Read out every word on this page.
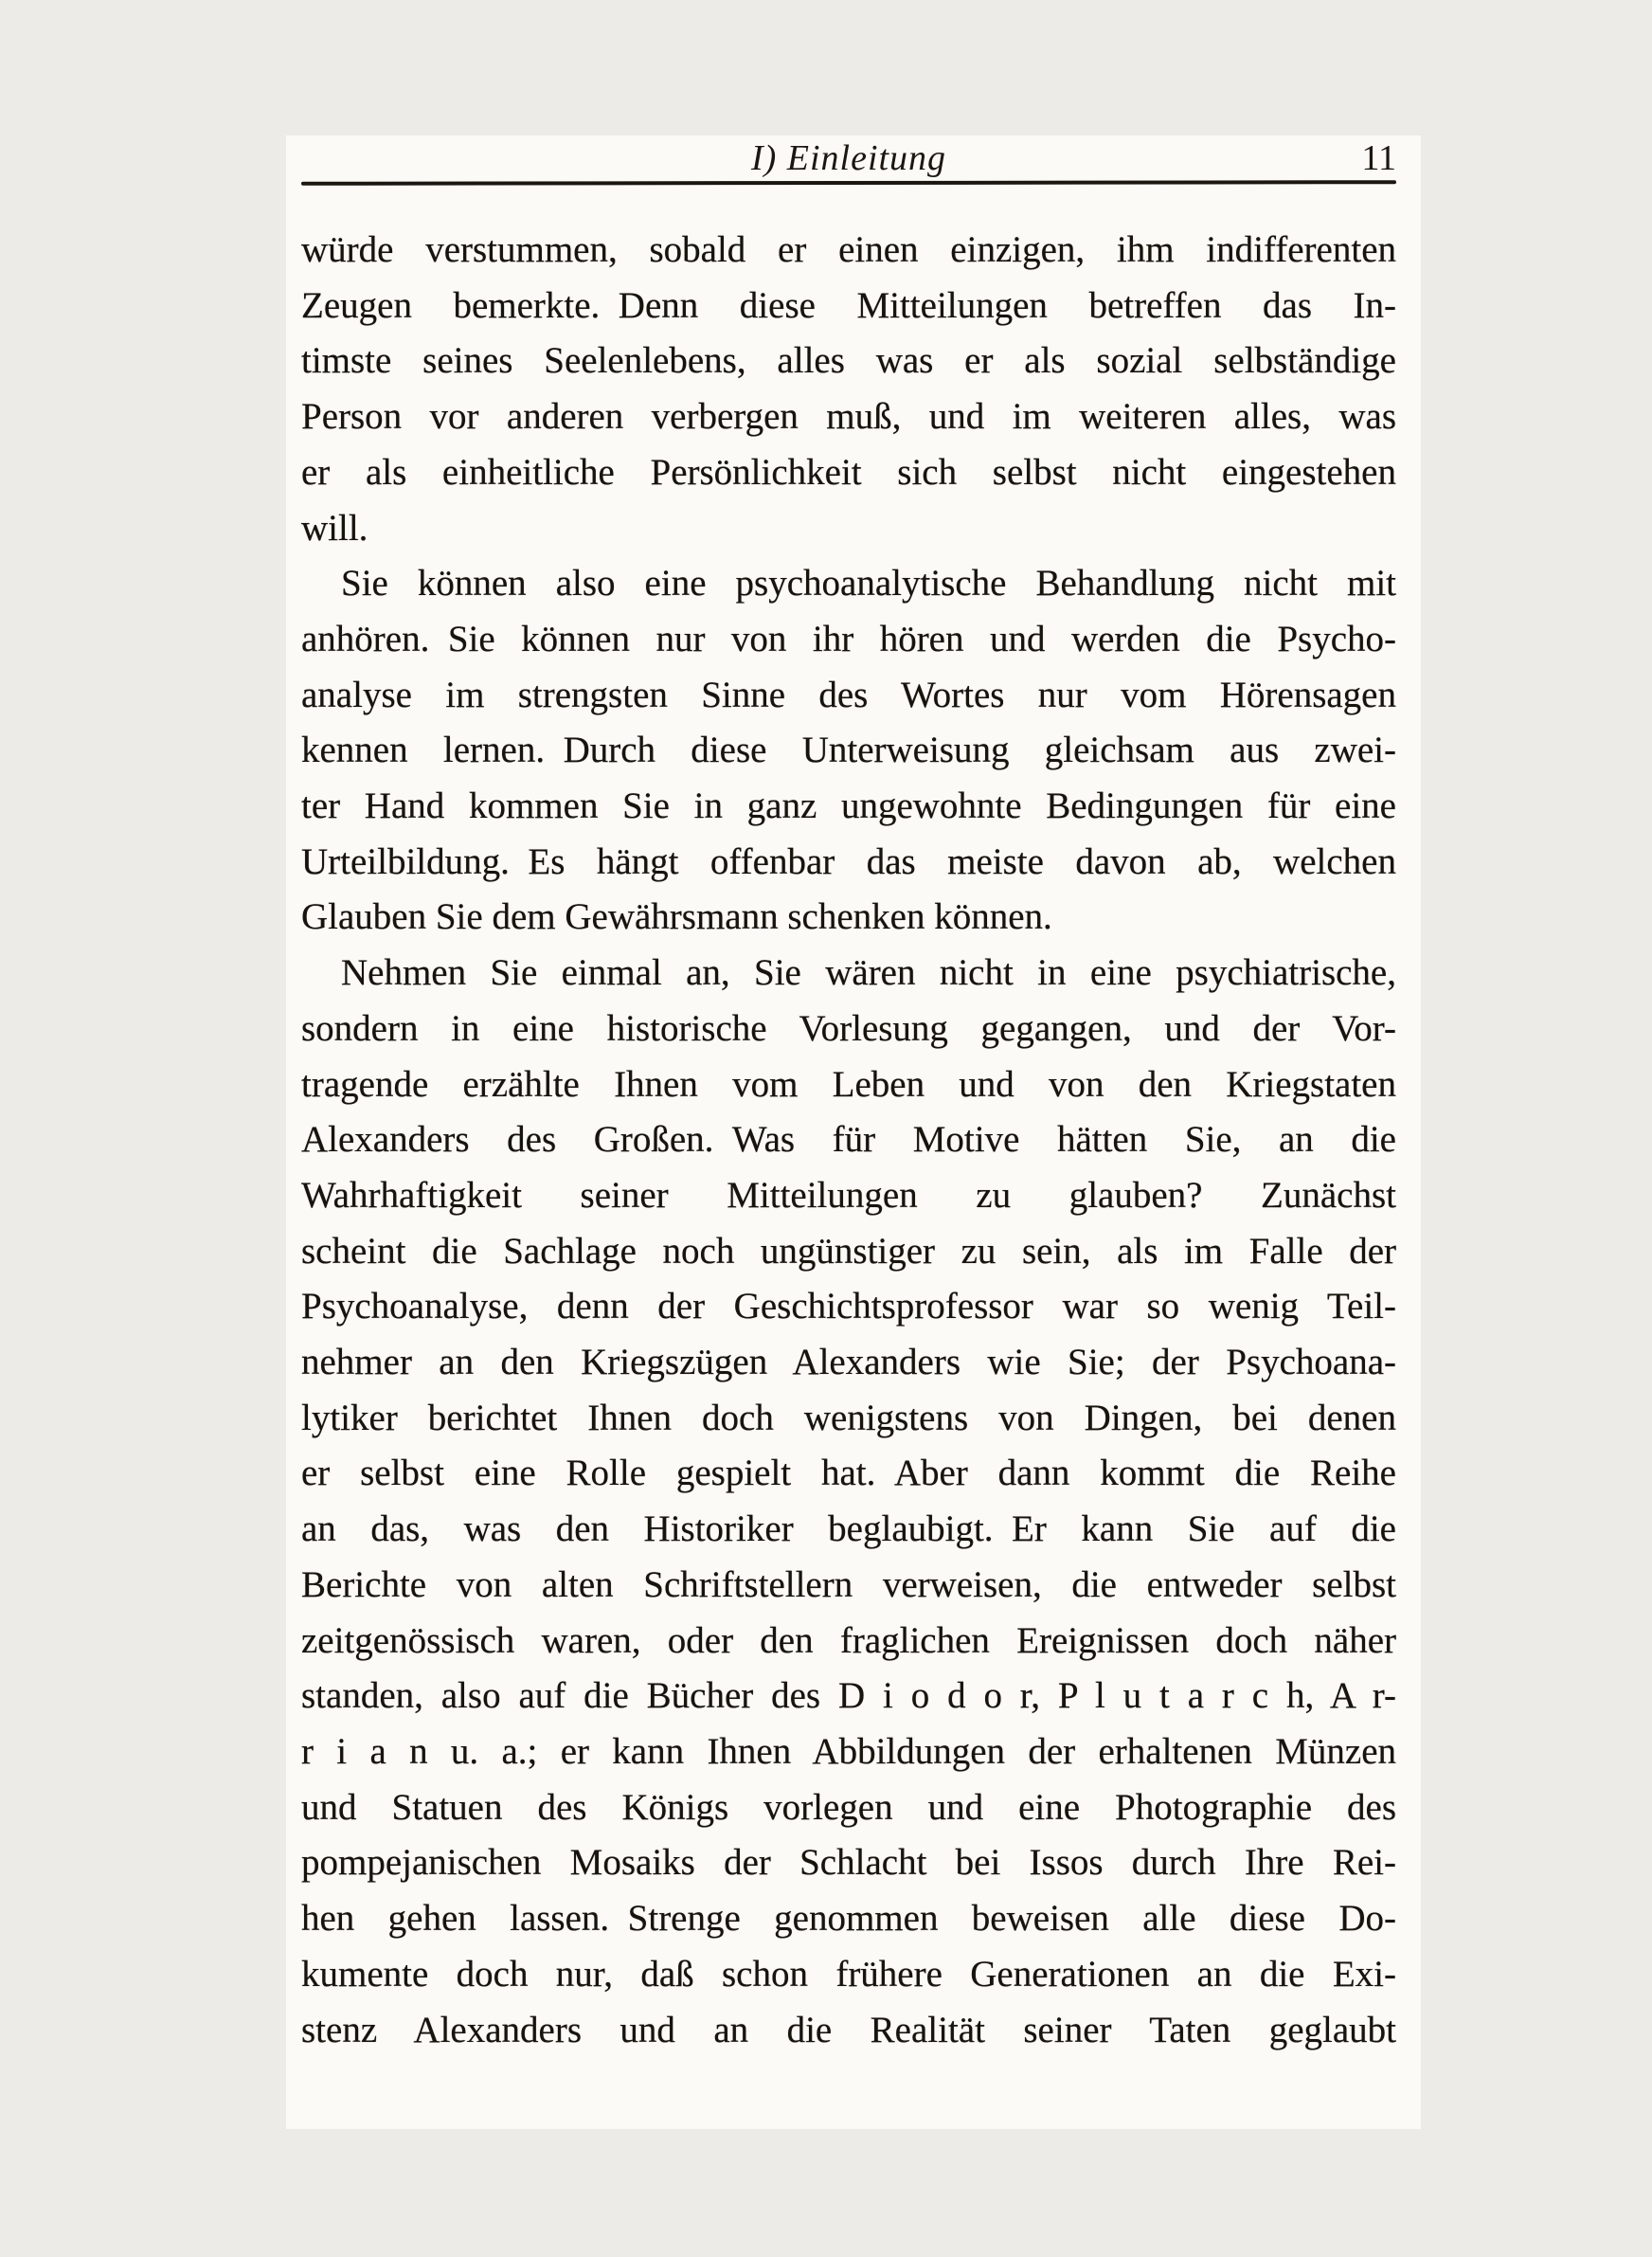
I) Einleitung	11
würde verstummen, sobald er einen einzigen, ihm indifferenten
Zeugen bemerkte. Denn diese Mitteilungen betreffen das In-
timste seines Seelenlebens, alles was er als sozial selbständige
Person vor anderen verbergen muß, und im weiteren alles, was
er als einheitliche Persönlichkeit sich selbst nicht eingestehen
will.
Sie können also eine psychoanalytische Behandlung nicht mit
anhören. Sie können nur von ihr hören und werden die Psycho-
analyse im strengsten Sinne des Wortes nur vom Hörensagen
kennen lernen. Durch diese Unterweisung gleichsam aus zwei-
ter Hand kommen Sie in ganz ungewohnte Bedingungen für eine
Urteilbildung. Es hängt offenbar das meiste davon ab, welchen
Glauben Sie dem Gewährsmann schenken können.
Nehmen Sie einmal an, Sie wären nicht in eine psychiatrische,
sondern in eine historische Vorlesung gegangen, und der Vor-
tragende erzählte Ihnen vom Leben und von den Kriegstaten
Alexanders des Großen. Was für Motive hätten Sie, an die
Wahrhaftigkeit seiner Mitteilungen zu glauben? Zunächst
scheint die Sachlage noch ungünstiger zu sein, als im Falle der
Psychoanalyse, denn der Geschichtsprofessor war so wenig Teil-
nehmer an den Kriegszügen Alexanders wie Sie; der Psychoana-
lytiker berichtet Ihnen doch wenigstens von Dingen, bei denen
er selbst eine Rolle gespielt hat. Aber dann kommt die Reihe
an das, was den Historiker beglaubigt. Er kann Sie auf die
Berichte von alten Schriftstellern verweisen, die entweder selbst
zeitgenössisch waren, oder den fraglichen Ereignissen doch näher
standen, also auf die Bücher des D i o d o r, P l u t a r c h, A r-
r i a n u. a.; er kann Ihnen Abbildungen der erhaltenen Münzen
und Statuen des Königs vorlegen und eine Photographie des
pompejanischen Mosaiks der Schlacht bei Issos durch Ihre Rei-
hen gehen lassen. Strenge genommen beweisen alle diese Do-
kumente doch nur, daß schon frühere Generationen an die Exi-
stenz Alexanders und an die Realität seiner Taten geglaubt
